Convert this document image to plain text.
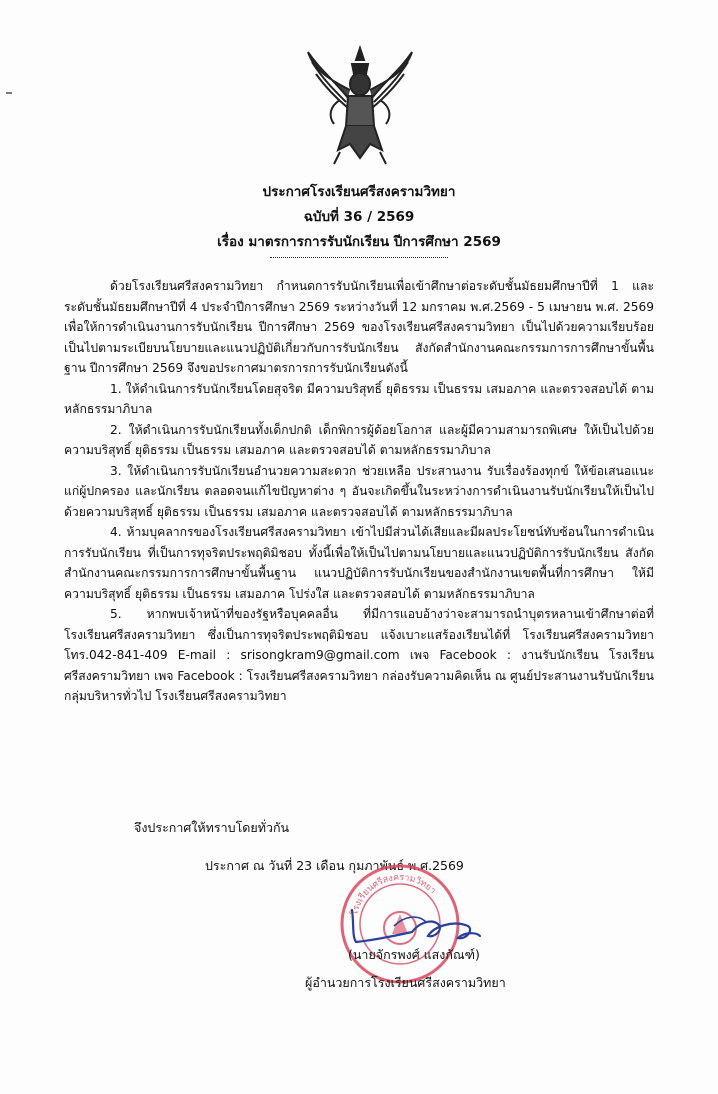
ประกาศโรงเรียนศรีสงครามวิทยา
ฉบับที่ 36 / 2569
เรื่อง มาตรการการรับนักเรียน ปีการศึกษา 2569

ด้วยโรงเรียนศรีสงครามวิทยา กำหนดการรับนักเรียนเพื่อเข้าศึกษาต่อระดับชั้นมัธยมศึกษาปีที่ 1 และระดับชั้นมัธยมศึกษาปีที่ 4 ประจำปีการศึกษา 2569 ระหว่างวันที่ 12 มกราคม พ.ศ.2569 - 5 เมษายน พ.ศ. 2569 เพื่อให้การดำเนินงานการรับนักเรียน ปีการศึกษา 2569 ของโรงเรียนศรีสงครามวิทยา เป็นไปด้วยความเรียบร้อยเป็นไปตามระเบียบนโยบายและแนวปฏิบัติเกี่ยวกับการรับนักเรียน สังกัดสำนักงานคณะกรรมการการศึกษาขั้นพื้นฐาน ปีการศึกษา 2569 จึงขอประกาศมาตรการการรับนักเรียนดังนี้

1. ให้ดำเนินการรับนักเรียนโดยสุจริต มีความบริสุทธิ์ ยุติธรรม เป็นธรรม เสมอภาค และตรวจสอบได้ ตามหลักธรรมาภิบาล

2. ให้ดำเนินการรับนักเรียนทั้งเด็กปกติ เด็กพิการผู้ด้อยโอกาส และผู้มีความสามารถพิเศษ ให้เป็นไปด้วยความบริสุทธิ์ ยุติธรรม เป็นธรรม เสมอภาค และตรวจสอบได้ ตามหลักธรรมาภิบาล

3. ให้ดำเนินการรับนักเรียนอำนวยความสะดวก ช่วยเหลือ ประสานงาน รับเรื่องร้องทุกข์ ให้ข้อเสนอแนะแก่ผู้ปกครอง และนักเรียน ตลอดจนแก้ไขปัญหาต่าง ๆ อันจะเกิดขึ้นในระหว่างการดำเนินงานรับนักเรียนให้เป็นไปด้วยความบริสุทธิ์ ยุติธรรม เป็นธรรม เสมอภาค และตรวจสอบได้ ตามหลักธรรมาภิบาล

4. ห้ามบุคลากรของโรงเรียนศรีสงครามวิทยา เข้าไปมีส่วนได้เสียและมีผลประโยชน์ทับซ้อนในการดำเนินการรับนักเรียน ที่เป็นการทุจริตประพฤติมิชอบ ทั้งนี้เพื่อให้เป็นไปตามนโยบายและแนวปฏิบัติการรับนักเรียน สังกัดสำนักงานคณะกรรมการการศึกษาขั้นพื้นฐาน แนวปฏิบัติการรับนักเรียนของสำนักงานเขตพื้นที่การศึกษา ให้มีความบริสุทธิ์ ยุติธรรม เป็นธรรม เสมอภาค โปร่งใส และตรวจสอบได้ ตามหลักธรรมาภิบาล

5. หากพบเจ้าหน้าที่ของรัฐหรือบุคคลอื่น ที่มีการแอบอ้างว่าจะสามารถนำบุตรหลานเข้าศึกษาต่อที่โรงเรียนศรีสงครามวิทยา ซึ่งเป็นการทุจริตประพฤติมิชอบ แจ้งเบาะแสร้องเรียนได้ที่ โรงเรียนศรีสงครามวิทยา โทร.042-841-409 E-mail : srisongkram9@gmail.com เพจ Facebook : งานรับนักเรียน โรงเรียนศรีสงครามวิทยา เพจ Facebook : โรงเรียนศรีสงครามวิทยา กล่องรับความคิดเห็น ณ ศูนย์ประสานงานรับนักเรียน กลุ่มบริหารทั่วไป โรงเรียนศรีสงครามวิทยา

จึงประกาศให้ทราบโดยทั่วกัน
ประกาศ ณ วันที่ 23 เดือน กุมภาพันธ์ พ.ศ.2569
โรงเรียนศรีสงครามวิทยา
(นายจักรพงศ์ แสงกัณฑ์)
ผู้อำนวยการโรงเรียนศรีสงครามวิทยา
